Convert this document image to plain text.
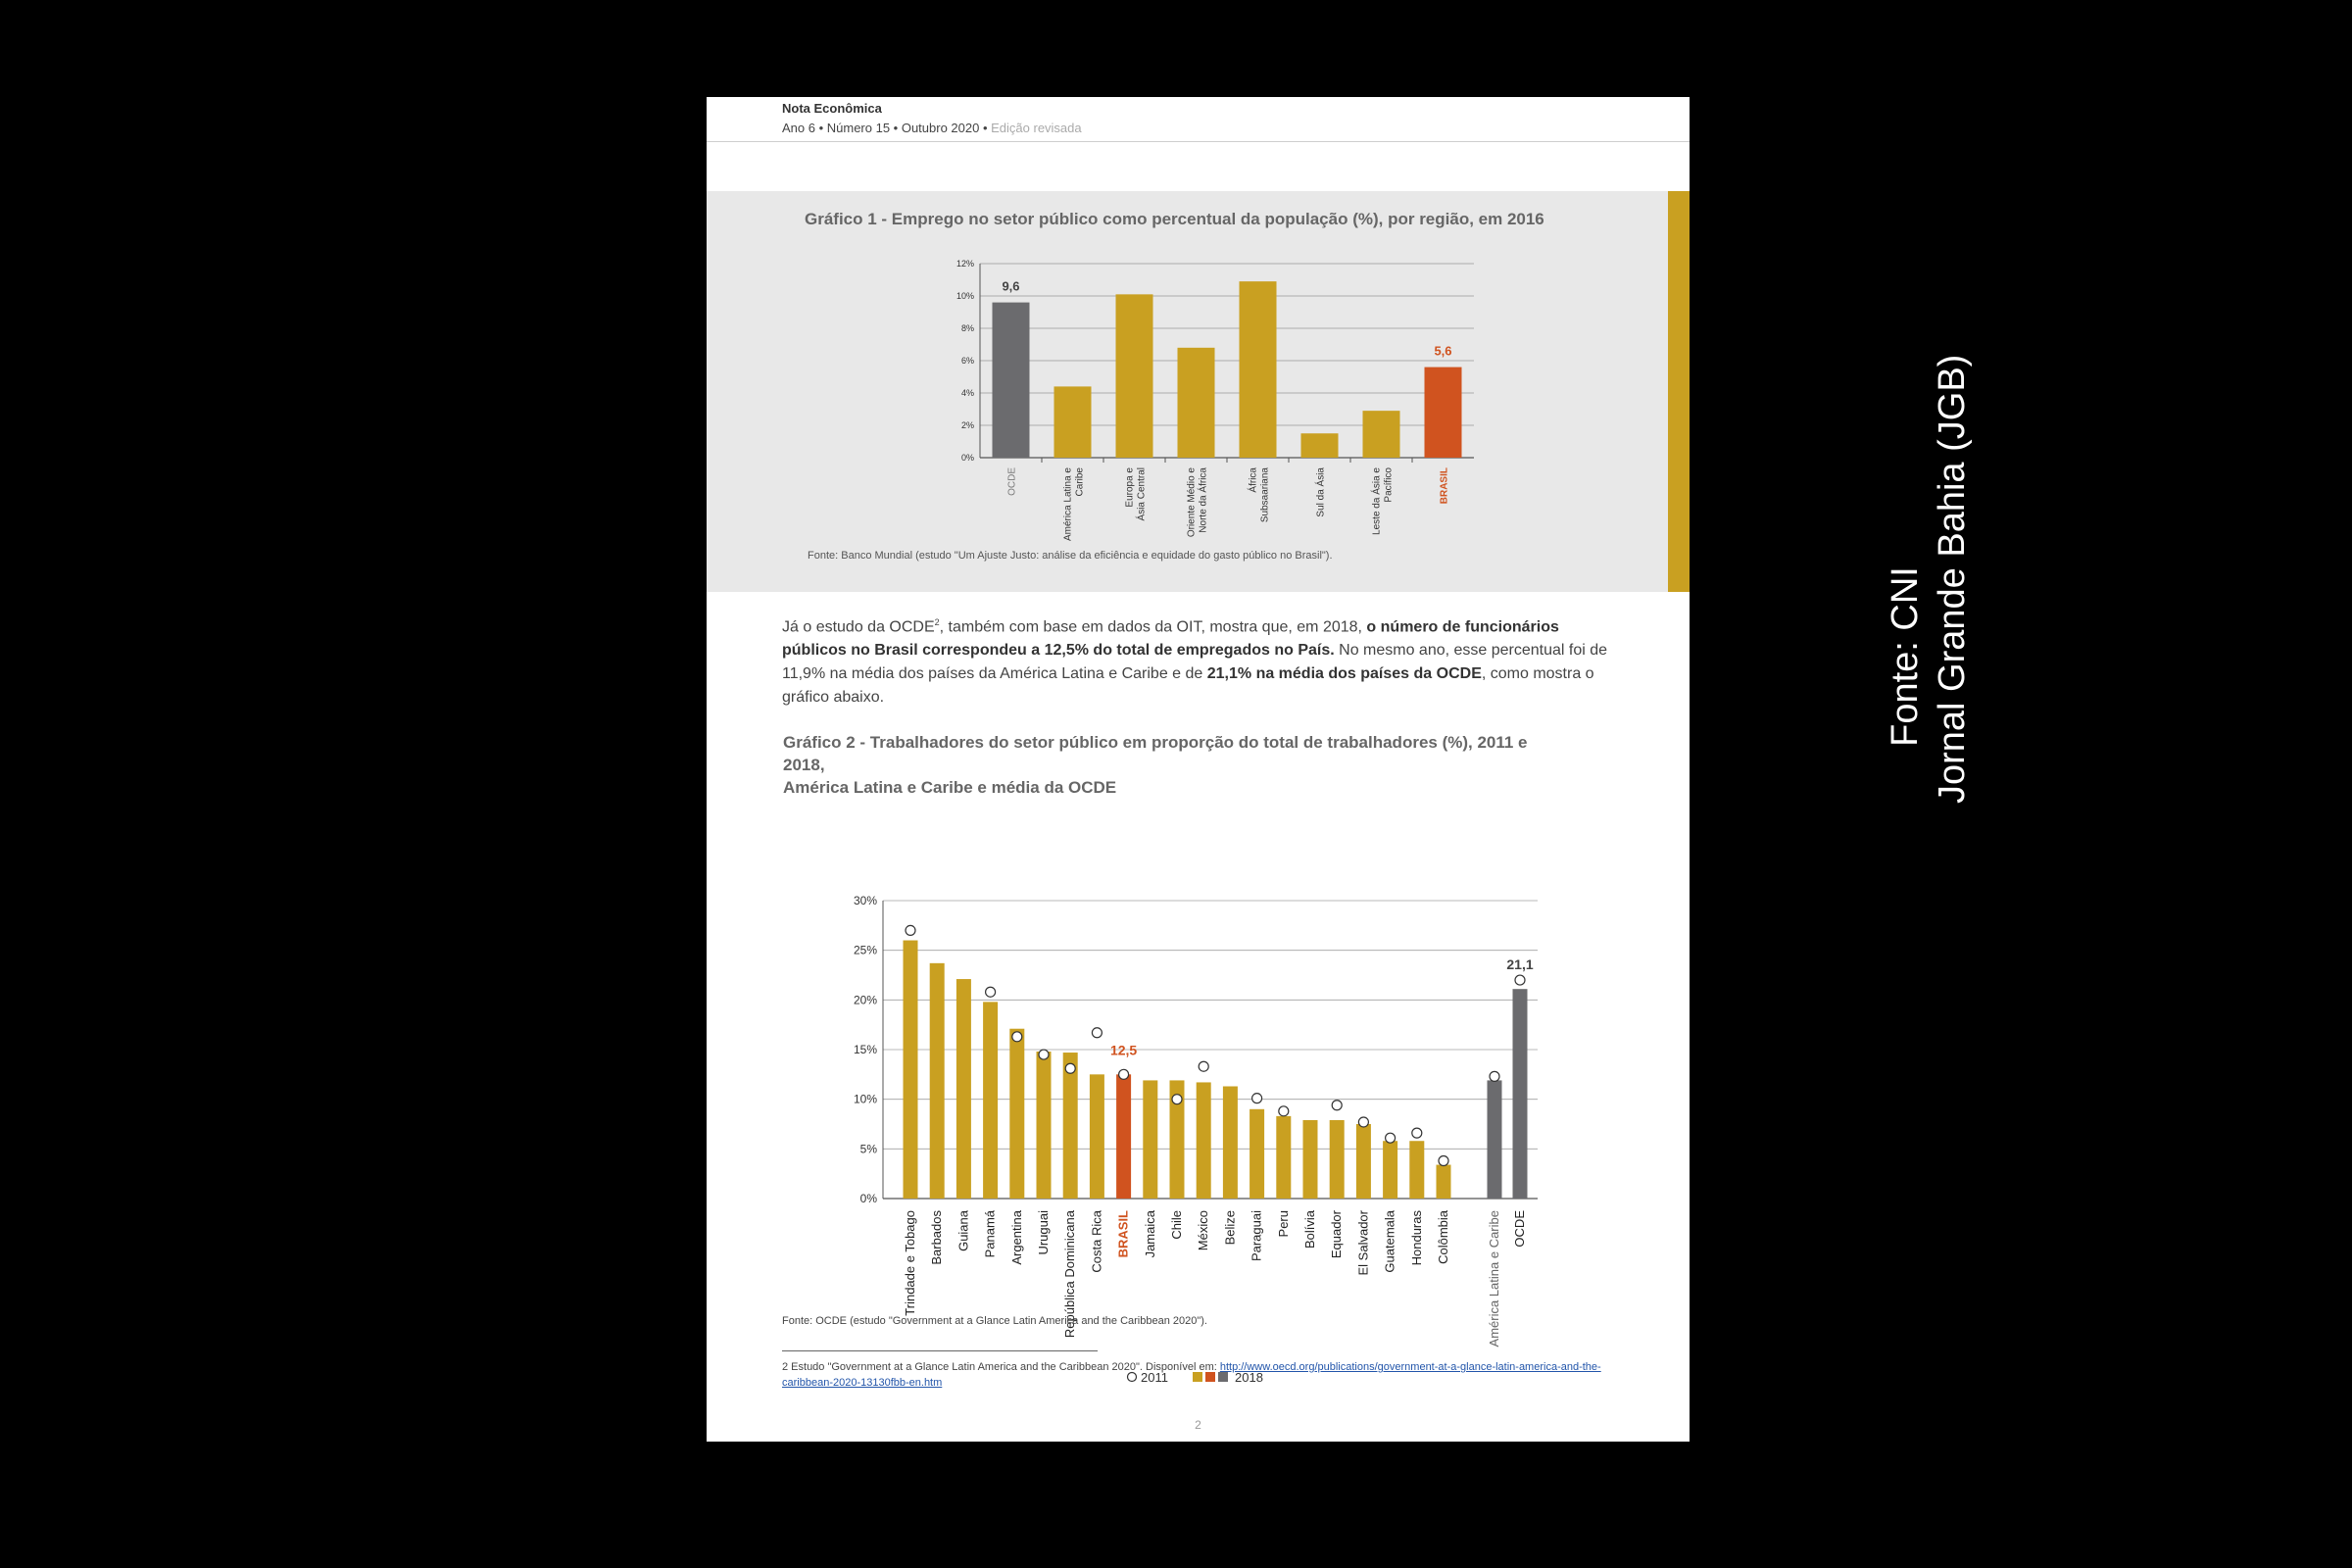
Nota Econômica
Ano 6 • Número 15 • Outubro 2020 • Edição revisada
Gráfico 1 - Emprego no setor público como percentual da população (%), por região, em 2016
0%
2%
4%
6%
8%
10%
12%
9,6
OCDE	América Latina e Caribe	Europa e Ásia Central	Oriente Médio e Norte da África	África Subsaariana	Sul da Ásia	Leste da Ásia e Pacífico
5,6
BRASIL
Fonte: Banco Mundial (estudo "Um Ajuste Justo: análise da eficiência e equidade do gasto público no Brasil").
Já o estudo da OCDE$^2$, também com base em dados da OIT, mostra que, em 2018, o número de funcionários públicos no Brasil correspondeu a 12,5% do total de empregados no País. No mesmo ano, esse percentual foi de 11,9% na média dos países da América Latina e Caribe e de 21,1% na média dos países da OCDE, como mostra o gráfico abaixo.
Gráfico 2 - Trabalhadores do setor público em proporção do total de trabalhadores (%), 2011 e 2018,
América Latina e Caribe e média da OCDE
0%
5%
10%
15%
20%
25%
30%
Trindade e Tobago Barbados Guiana Panamá Argentina Uruguai República Dominicana Costa Rica
12,5
BRASIL Jamaica Chile México Belize Paraguai Peru Bolívia Equador El Salvador Guatemala Honduras Colômbia	América Latina e Caribe
21,1
OCDE
2011	2018
Fonte: OCDE (estudo "Government at a Glance Latin America and the Caribbean 2020").
2 Estudo "Government at a Glance Latin America and the Caribbean 2020". Disponível em: http://www.oecd.org/publications/government-at-a-glance-latin-america-and-the-caribbean-2020-13130fbb-en.htm
2
Fonte: CNI Jornal Grande Bahia (JGB)
